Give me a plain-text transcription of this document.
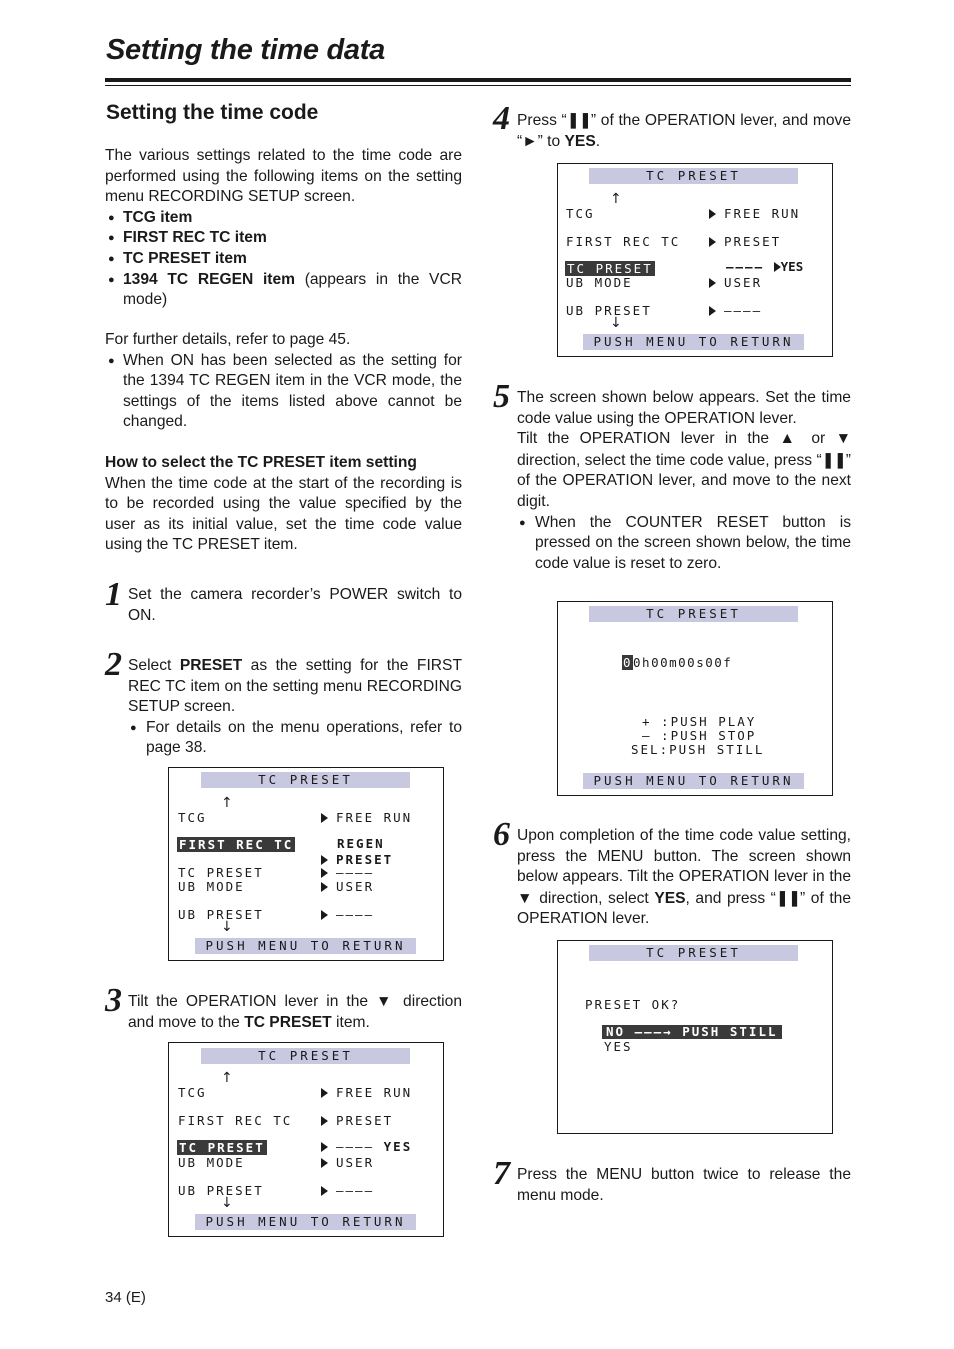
Setting the time data
Setting the time code

The various settings related to the time code are performed using the following items on the setting menu RECORDING SETUP screen.

● TCG item

● FIRST REC TC item

● TC PRESET item

● 1394 TC REGEN item (appears in the VCR mode)

For further details, refer to page 45.

● When ON has been selected as the setting for the 1394 TC REGEN item in the VCR mode, the settings of the items listed above cannot be changed.

How to select the TC PRESET item setting

When the time code at the start of the recording is to be recorded using the value specified by the user as its initial value, set the time code value using the TC PRESET item.

1 Set the camera recorder’s POWER switch to ON.
2 Select PRESET as the setting for the FIRST REC TC item on the setting menu RECORDING SETUP screen.

● For details on the menu operations, refer to page 38.

TC PRESET
↑
TCG	FREE RUN
FIRST REC TC	REGEN
PRESET
TC PRESET	––––
UB MODE	USER
UB PRESET	––––
↓
PUSH MENU TO RETURN
3 Tilt the OPERATION lever in the ▼ direction and move to the TC PRESET item.

TC PRESET
↑
TCG	FREE RUN
FIRST REC TC	PRESET
TC PRESET	–––– YES
UB MODE	USER
UB PRESET	––––
↓
PUSH MENU TO RETURN
4 Press “❚❚” of the OPERATION lever, and move “►” to YES.

TC PRESET
↑
TCG	FREE RUN
FIRST REC TC	PRESET
TC PRESET	–––– YES
UB MODE	USER
UB PRESET	––––
↓
PUSH MENU TO RETURN
5 The screen shown below appears. Set the time code value using the OPERATION lever.

Tilt the OPERATION lever in the ▲ or ▼ direction, select the time code value, press “❚❚” of the OPERATION lever, and move to the next digit.

● When the COUNTER RESET button is pressed on the screen shown below, the time code value is reset to zero.

TC PRESET
00h00m00s00f
+ :PUSH PLAY
– :PUSH STOP
SEL:PUSH STILL
PUSH MENU TO RETURN
6 Upon completion of the time code value setting, press the MENU button. The screen shown below appears. Tilt the OPERATION lever in the ▼ direction, select YES, and press “❚❚” of the OPERATION lever.

TC PRESET
PRESET OK?
NO –––→ PUSH STILL
YES
7 Press the MENU button twice to release the menu mode.
34 (E)
